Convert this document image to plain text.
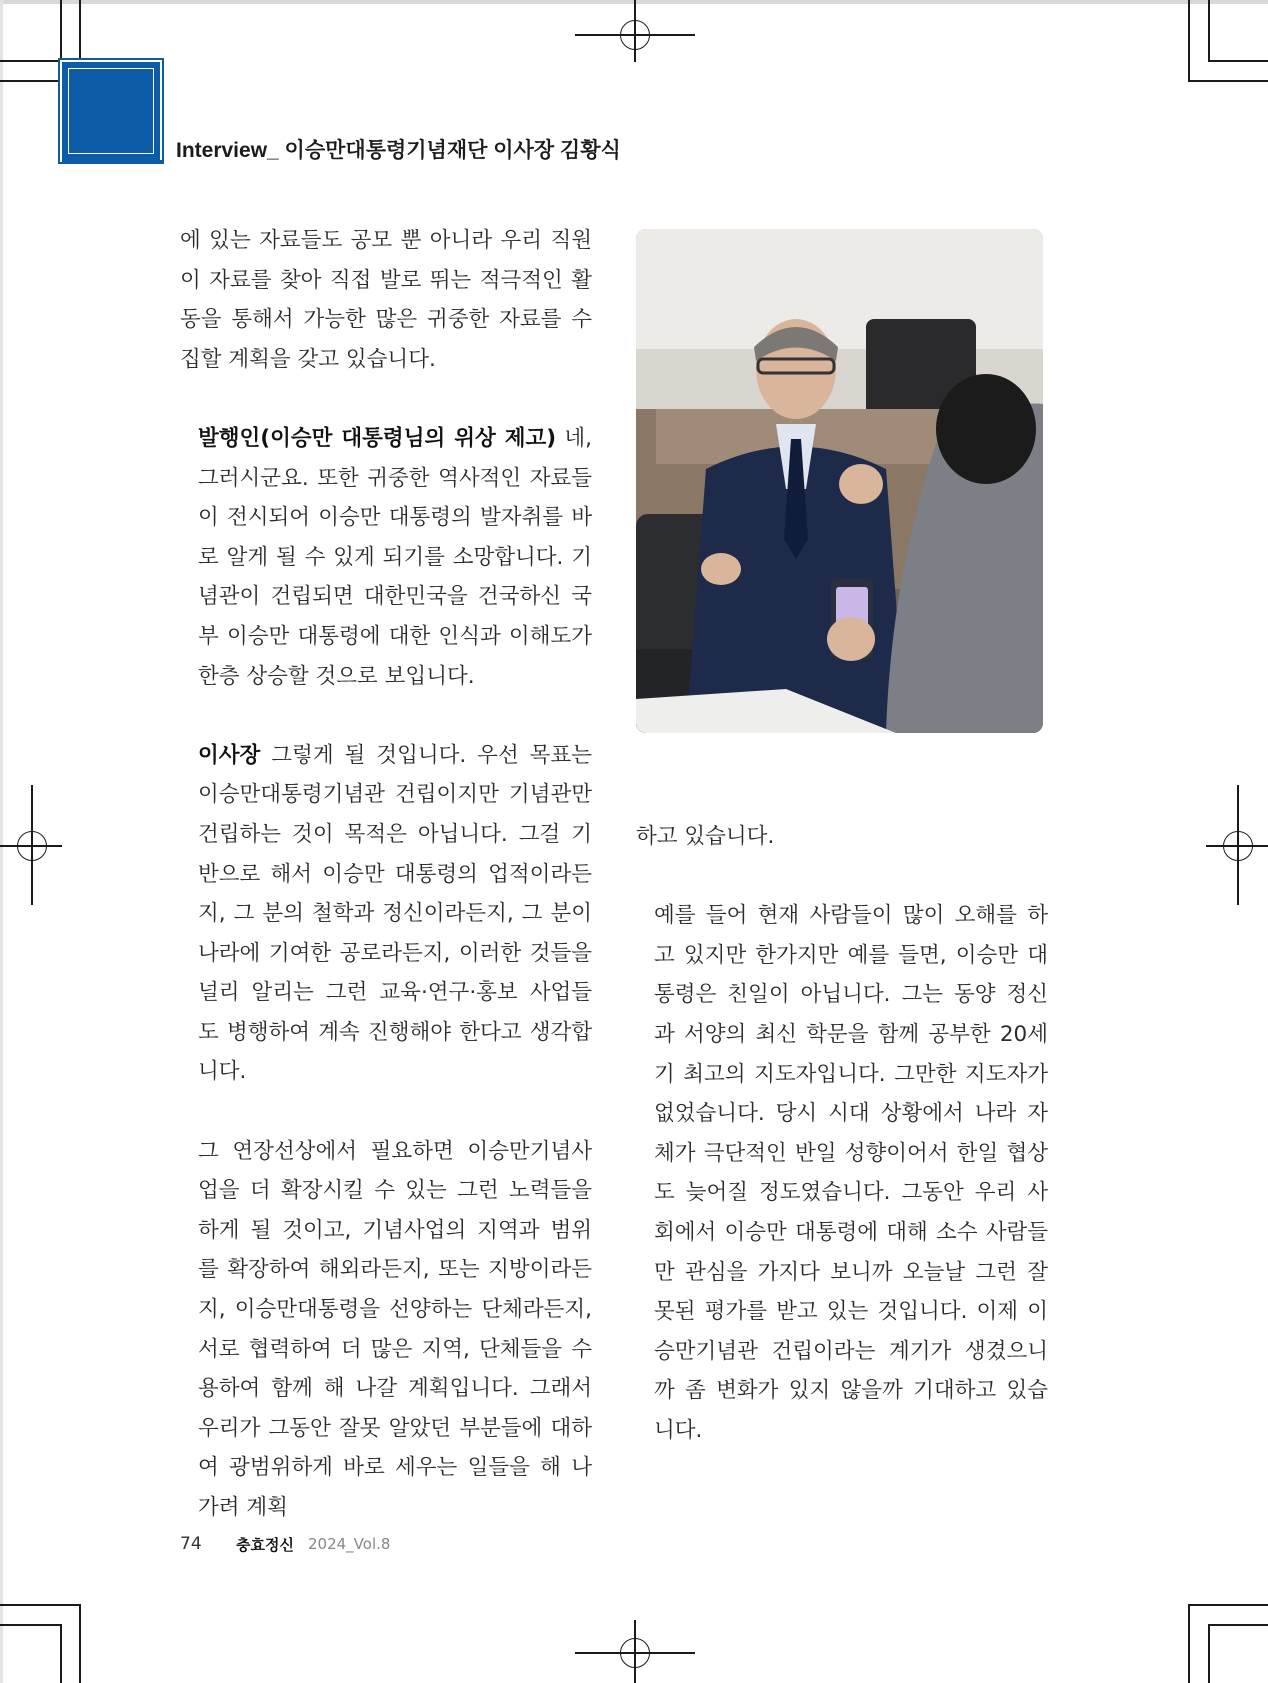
Interview_ 이승만대통령기념재단 이사장 김황식

에 있는 자료들도 공모 뿐 아니라 우리 직원이 자료를 찾아 직접 발로 뛰는 적극적인 활동을 통해서 가능한 많은 귀중한 자료를 수집할 계획을 갖고 있습니다.

발행인(이승만 대통령님의 위상 제고) 네, 그러시군요. 또한 귀중한 역사적인 자료들이 전시되어 이승만 대통령의 발자취를 바로 알게 될 수 있게 되기를 소망합니다. 기념관이 건립되면 대한민국을 건국하신 국부 이승만 대통령에 대한 인식과 이해도가 한층 상승할 것으로 보입니다.

이사장 그렇게 될 것입니다. 우선 목표는 이승만대통령기념관 건립이지만 기념관만 건립하는 것이 목적은 아닙니다. 그걸 기반으로 해서 이승만 대통령의 업적이라든지, 그 분의 철학과 정신이라든지, 그 분이 나라에 기여한 공로라든지, 이러한 것들을 널리 알리는 그런 교육·연구·홍보 사업들도 병행하여 계속 진행해야 한다고 생각합니다.

그 연장선상에서 필요하면 이승만기념사업을 더 확장시킬 수 있는 그런 노력들을 하게 될 것이고, 기념사업의 지역과 범위를 확장하여 해외라든지, 또는 지방이라든지, 이승만대통령을 선양하는 단체라든지, 서로 협력하여 더 많은 지역, 단체들을 수용하여 함께 해 나갈 계획입니다. 그래서 우리가 그동안 잘못 알았던 부분들에 대하여 광범위하게 바로 세우는 일들을 해 나가려 계획

하고 있습니다.

예를 들어 현재 사람들이 많이 오해를 하고 있지만 한가지만 예를 들면, 이승만 대통령은 친일이 아닙니다. 그는 동양 정신과 서양의 최신 학문을 함께 공부한 20세기 최고의 지도자입니다. 그만한 지도자가 없었습니다. 당시 시대 상황에서 나라 자체가 극단적인 반일 성향이어서 한일 협상도 늦어질 정도였습니다. 그동안 우리 사회에서 이승만 대통령에 대해 소수 사람들만 관심을 가지다 보니까 오늘날 그런 잘못된 평가를 받고 있는 것입니다. 이제 이승만기념관 건립이라는 계기가 생겼으니까 좀 변화가 있지 않을까 기대하고 있습니다.

74	충효정신 2024_Vol.8
